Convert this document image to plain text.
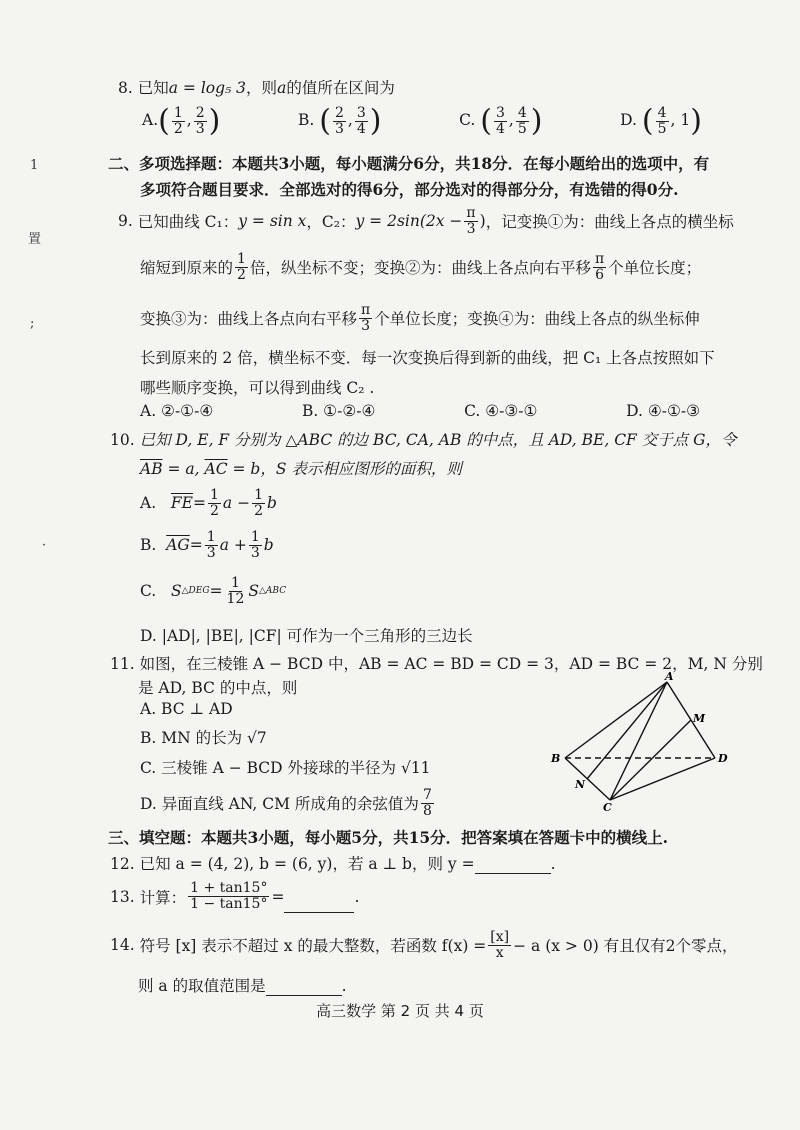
1
置
;
·
8. 已知a = log₅ 3，则a的值所在区间为
$A.( \frac{1}{2}$ , $\frac{2}{3}$ )	B. ( $\frac{2}{3}$ , $\frac{3}{4}$ )	C. ( $\frac{3}{4}$ , $\frac{4}{5}$ )	D. ( $\frac{4}{5}$ , 1)
二、多项选择题：本题共3小题，每小题满分6分，共18分．在每小题给出的选项中，有
多项符合题目要求．全部选对的得6分，部分选对的得部分分，有选错的得0分.
9.
已知曲线 C₁： y = sin x ，C₂： $y = 2\sin(2x - \frac{\pi}{3}$ ) ，记变换①为：曲线上各点的横坐标
缩短到原来的 $\frac{1}{2}$ 倍，纵坐标不变；变换②为：曲线上各点向右平移 $\frac{\pi}{6}$ 个单位长度；
变换③为：曲线上各点向右平移 $\frac{\pi}{3}$ 个单位长度；变换④为：曲线上各点的纵坐标伸
长到原来的 2 倍，横坐标不变．每一次变换后得到新的曲线，把 C₁ 上各点按照如下
哪些顺序变换，可以得到曲线 C₂ .
A. ②-①-④	B. ①-②-④	C. ④-③-①	D. ④-①-③
10. 已知 D, E, F 分别为 △ABC 的边 BC, CA, AB 的中点，且 AD, BE, CF 交于点 G，令
$\overline{AB} = a$, $\overline{AC} = b$，S 表示相应图形的面积，则
A.
$\overline{FE} = \frac{1}{2}$ $a - \frac{1}{2}$ b
B.
$\overline{AG} = \frac{1}{3}$ $a + \frac{1}{3}$ b
C.
S △DEG = $\frac{1}{12}$ S △ABC
D. |AD|, |BE|, |CF| 可作为一个三角形的三边长
11. 如图，在三棱锥 A − BCD 中，AB = AC = BD = CD = 3，AD = BC = 2，M, N 分别
是 AD, BC 的中点，则
A. BC ⊥ AD
B. MN 的长为 √7
C. 三棱锥 A − BCD 外接球的半径为 √11
D. 异面直线 AN, CM 所成角的余弦值为 $\frac{7}{8}$
A
B
C
D
M
N
三、填空题：本题共3小题，每小题5分，共15分．把答案填在答题卡中的横线上.
12. 已知 a = (4, 2), b = (6, y)，若 a ⊥ b，则 y =	.
13.
计算： $\frac{1 + \tan 15^\circ}{1 - \tan 15^\circ}$ =
	.
14.
符号 [x] 表示不超过 x 的最大整数，若函数 $f(x) = \frac{[x]}{x} - a$ (x > 0) 有且仅有2个零点，
则 a 的取值范围是	.
高三数学 第 2 页 共 4 页
